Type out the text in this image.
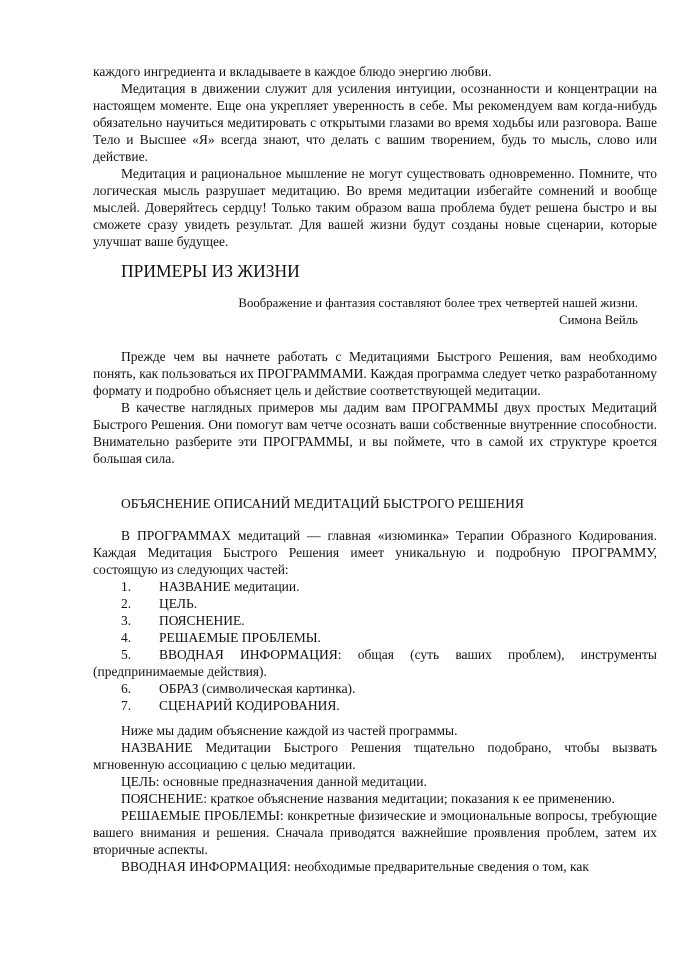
каждого ингредиента и вкладываете в каждое блюдо энергию любви.

Медитация в движении служит для усиления интуиции, осознанности и концентрации на настоящем моменте. Еще она укрепляет уверенность в себе. Мы рекомендуем вам когда-нибудь обязательно научиться медитировать с открытыми глазами во время ходьбы или разговора. Ваше Тело и Высшее «Я» всегда знают, что делать с вашим творением, будь то мысль, слово или действие.

Медитация и рациональное мышление не могут существовать одновременно. Помните, что логическая мысль разрушает медитацию. Во время медитации избегайте сомнений и вообще мыслей. Доверяйтесь сердцу! Только таким образом ваша проблема будет решена быстро и вы сможете сразу увидеть результат. Для вашей жизни будут созданы новые сценарии, которые улучшат ваше будущее.

ПРИМЕРЫ ИЗ ЖИЗНИ

Воображение и фантазия составляют более трех четвертей нашей жизни.

Симона Вейль

Прежде чем вы начнете работать с Медитациями Быстрого Решения, вам необходимо понять, как пользоваться их ПРОГРАММАМИ. Каждая программа следует четко разработанному формату и подробно объясняет цель и действие соответствующей медитации.

В качестве наглядных примеров мы дадим вам ПРОГРАММЫ двух простых Медитаций Быстрого Решения. Они помогут вам четче осознать ваши собственные внутренние способности. Внимательно разберите эти ПРОГРАММЫ, и вы поймете, что в самой их структуре кроется большая сила.

ОБЪЯСНЕНИЕ ОПИСАНИЙ МЕДИТАЦИЙ БЫСТРОГО РЕШЕНИЯ

В ПРОГРАММАХ медитаций — главная «изюминка» Терапии Образного Кодирования. Каждая Медитация Быстрого Решения имеет уникальную и подробную ПРОГРАММУ, состоящую из следующих частей:

1. НАЗВАНИЕ медитации.

2. ЦЕЛЬ.

3. ПОЯСНЕНИЕ.

4. РЕШАЕМЫЕ ПРОБЛЕМЫ.

5. ВВОДНАЯ ИНФОРМАЦИЯ: общая (суть ваших проблем), инструменты (предпринимаемые действия).

6. ОБРАЗ (символическая картинка).

7. СЦЕНАРИЙ КОДИРОВАНИЯ.

Ниже мы дадим объяснение каждой из частей программы.

НАЗВАНИЕ Медитации Быстрого Решения тщательно подобрано, чтобы вызвать мгновенную ассоциацию с целью медитации.

ЦЕЛЬ: основные предназначения данной медитации.

ПОЯСНЕНИЕ: краткое объяснение названия медитации; показания к ее применению.

РЕШАЕМЫЕ ПРОБЛЕМЫ: конкретные физические и эмоциональные вопросы, требующие вашего внимания и решения. Сначала приводятся важнейшие проявления проблем, затем их вторичные аспекты.

ВВОДНАЯ ИНФОРМАЦИЯ: необходимые предварительные сведения о том, как
